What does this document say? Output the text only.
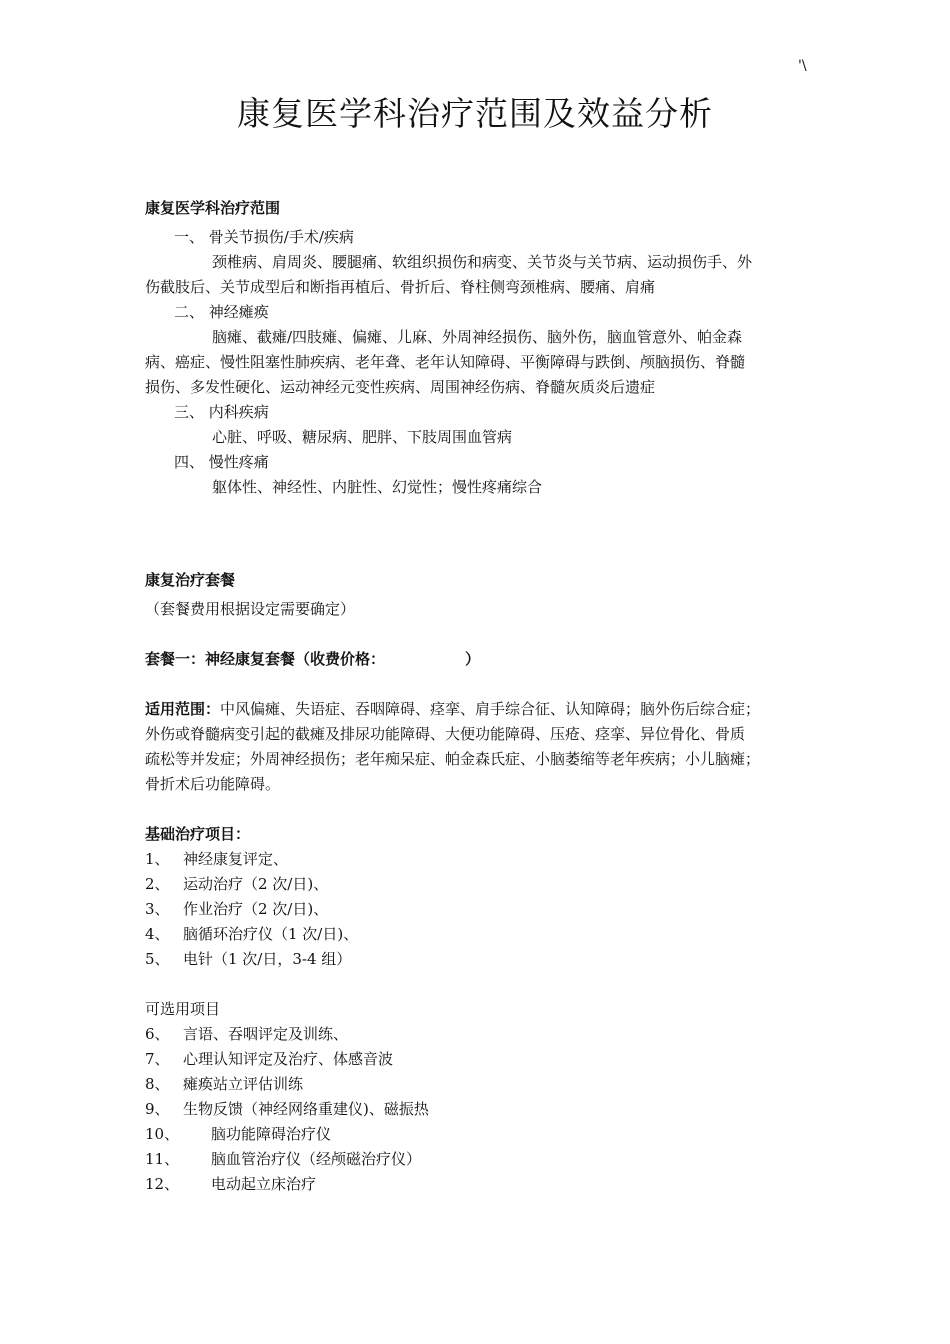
'\
康复医学科治疗范围及效益分析
康复医学科治疗范围
一、 骨关节损伤/手术/疾病
颈椎病、肩周炎、腰腿痛、软组织损伤和病变、关节炎与关节病、运动损伤手、外
伤截肢后、关节成型后和断指再植后、骨折后、脊柱侧弯颈椎病、腰痛、肩痛
二、 神经瘫痪
脑瘫、截瘫/四肢瘫、偏瘫、儿麻、外周神经损伤、脑外伤，脑血管意外、帕金森
病、癌症、慢性阻塞性肺疾病、老年聋、老年认知障碍、平衡障碍与跌倒、颅脑损伤、脊髓
损伤、多发性硬化、运动神经元变性疾病、周围神经伤病、脊髓灰质炎后遗症
三、 内科疾病
心脏、呼吸、糖尿病、肥胖、下肢周围血管病
四、 慢性疼痛
躯体性、神经性、内脏性、幻觉性；慢性疼痛综合
康复治疗套餐
（套餐费用根据设定需要确定）
套餐一：神经康复套餐（收费价格：	）
适用范围：中风偏瘫、失语症、吞咽障碍、痉挛、肩手综合征、认知障碍；脑外伤后综合症；
外伤或脊髓病变引起的截瘫及排尿功能障碍、大便功能障碍、压疮、痉挛、异位骨化、骨质
疏松等并发症；外周神经损伤；老年痴呆症、帕金森氏症、小脑萎缩等老年疾病；小儿脑瘫；
骨折术后功能障碍。
基础治疗项目：
1、 神经康复评定、
2、 运动治疗（2 次/日)、
3、 作业治疗（2 次/日)、
4、 脑循环治疗仪（1 次/日)、
5、 电针（1 次/日，3-4 组）
可选用项目
6、 言语、吞咽评定及训练、
7、 心理认知评定及治疗、体感音波
8、 瘫痪站立评估训练
9、 生物反馈（神经网络重建仪)、磁振热
10、 脑功能障碍治疗仪
11、 脑血管治疗仪（经颅磁治疗仪）
12、 电动起立床治疗
